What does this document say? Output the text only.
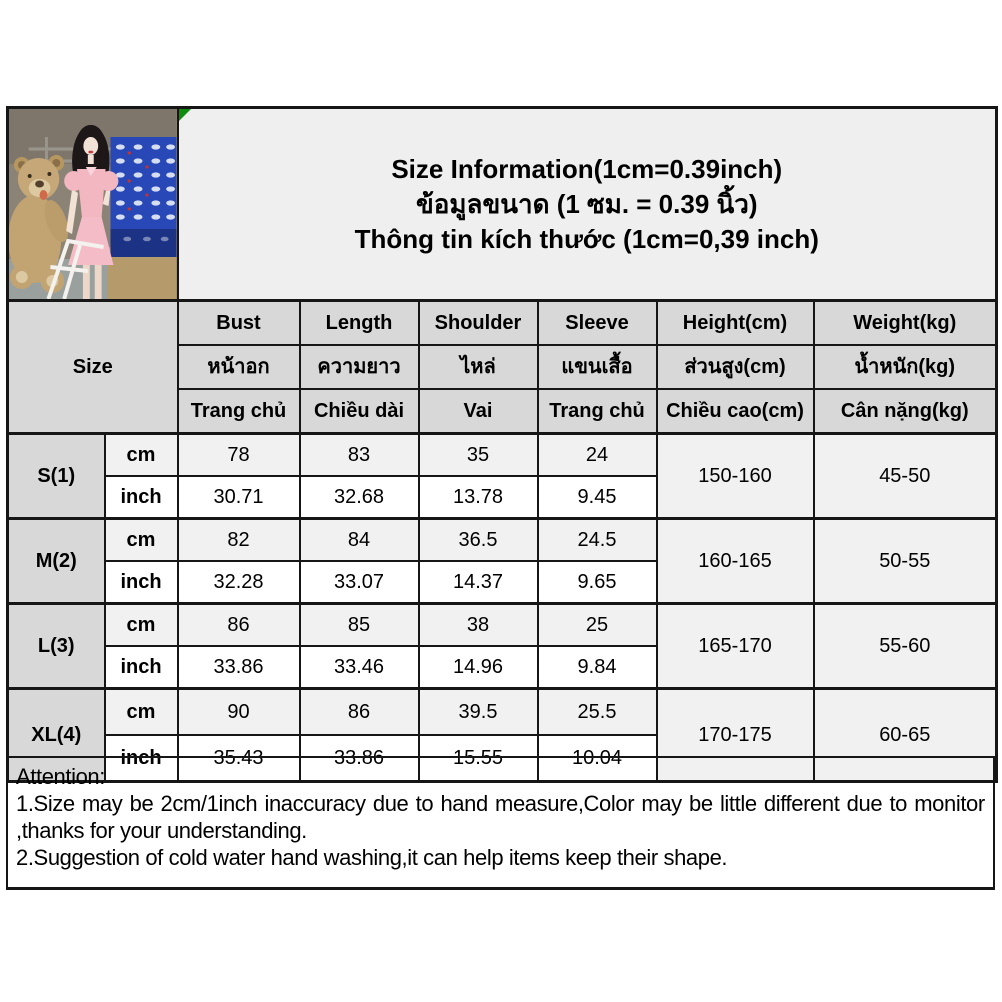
Size Information(1cm=0.39inch)
ข้อมูลขนาด (1 ซม. = 0.39 นิ้ว)
Thông tin kích thước (1cm=0,39 inch)					

Size		Bust	Length	Shoulder	Sleeve	Height(cm)	Weight(kg)
		หน้าอก	ความยาว	ไหล่	แขนเสื้อ	ส่วนสูง(cm)	น้ำหนัก(kg)
		Trang chủ	Chiều dài	Vai	Trang chủ	Chiều cao(cm)	Cân nặng(kg)
S(1)	cm	78	83	35	24	150-160	45-50
	inch	30.71	32.68	13.78	9.45		
M(2)	cm	82	84	36.5	24.5	160-165	50-55
	inch	32.28	33.07	14.37	9.65		
L(3)	cm	86	85	38	25	165-170	55-60
	inch	33.86	33.46	14.96	9.84		
XL(4)	cm	90	86	39.5	25.5	170-175	60-65
	inch	35.43	33.86	15.55	10.04		
Attention:
1.Size may be 2cm/1inch inaccuracy due to hand measure,Color may be little different due to monitor
,thanks for your understanding.
2.Suggestion of cold water hand washing,it can help items keep their shape.
